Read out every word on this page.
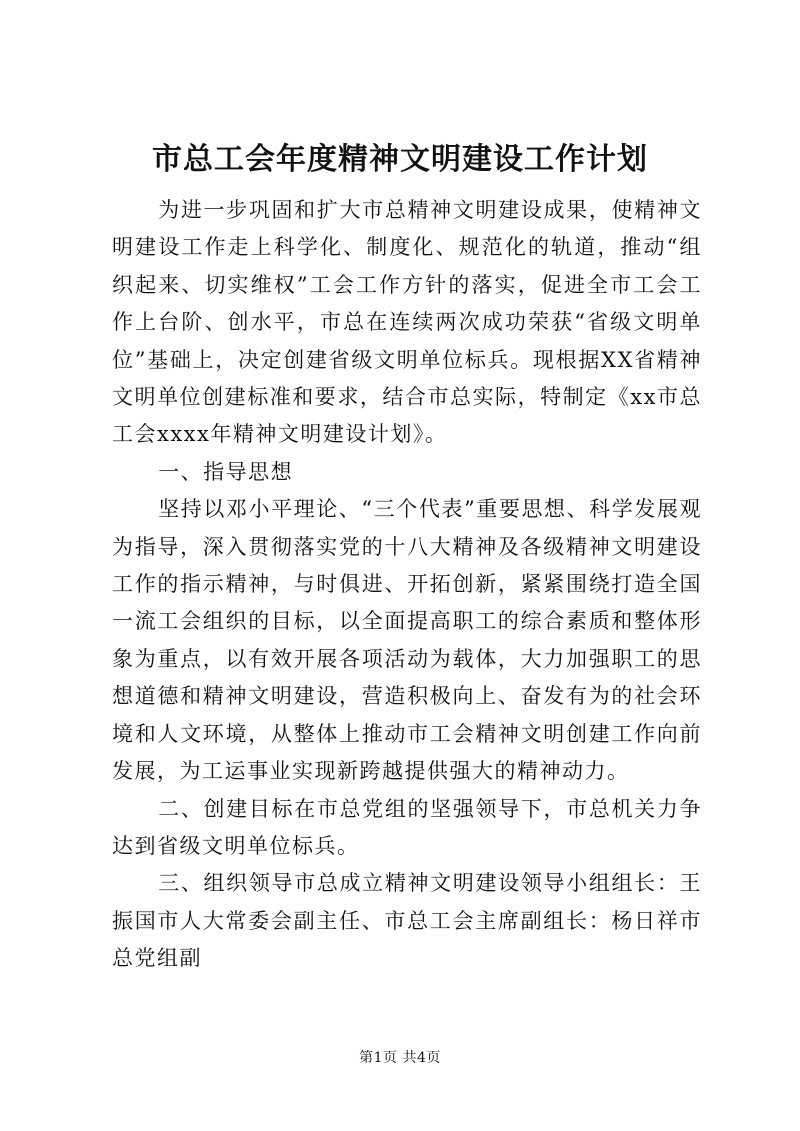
市总工会年度精神文明建设工作计划

为进一步巩固和扩大市总精神文明建设成果，使精神文明建设工作走上科学化、制度化、规范化的轨道，推动“组织起来、切实维权”工会工作方针的落实，促进全市工会工作上台阶、创水平，市总在连续两次成功荣获“省级文明单位”基础上，决定创建省级文明单位标兵。现根据XX省精神文明单位创建标准和要求，结合市总实际，特制定《xx市总工会xxxx年精神文明建设计划》。

一、指导思想

坚持以邓小平理论、“三个代表”重要思想、科学发展观为指导，深入贯彻落实党的十八大精神及各级精神文明建设工作的指示精神，与时俱进、开拓创新，紧紧围绕打造全国一流工会组织的目标，以全面提高职工的综合素质和整体形象为重点，以有效开展各项活动为载体，大力加强职工的思想道德和精神文明建设，营造积极向上、奋发有为的社会环境和人文环境，从整体上推动市工会精神文明创建工作向前发展，为工运事业实现新跨越提供强大的精神动力。

二、创建目标在市总党组的坚强领导下，市总机关力争达到省级文明单位标兵。

三、组织领导市总成立精神文明建设领导小组组长：王振国市人大常委会副主任、市总工会主席副组长：杨日祥市总党组副

第1页 共4页
